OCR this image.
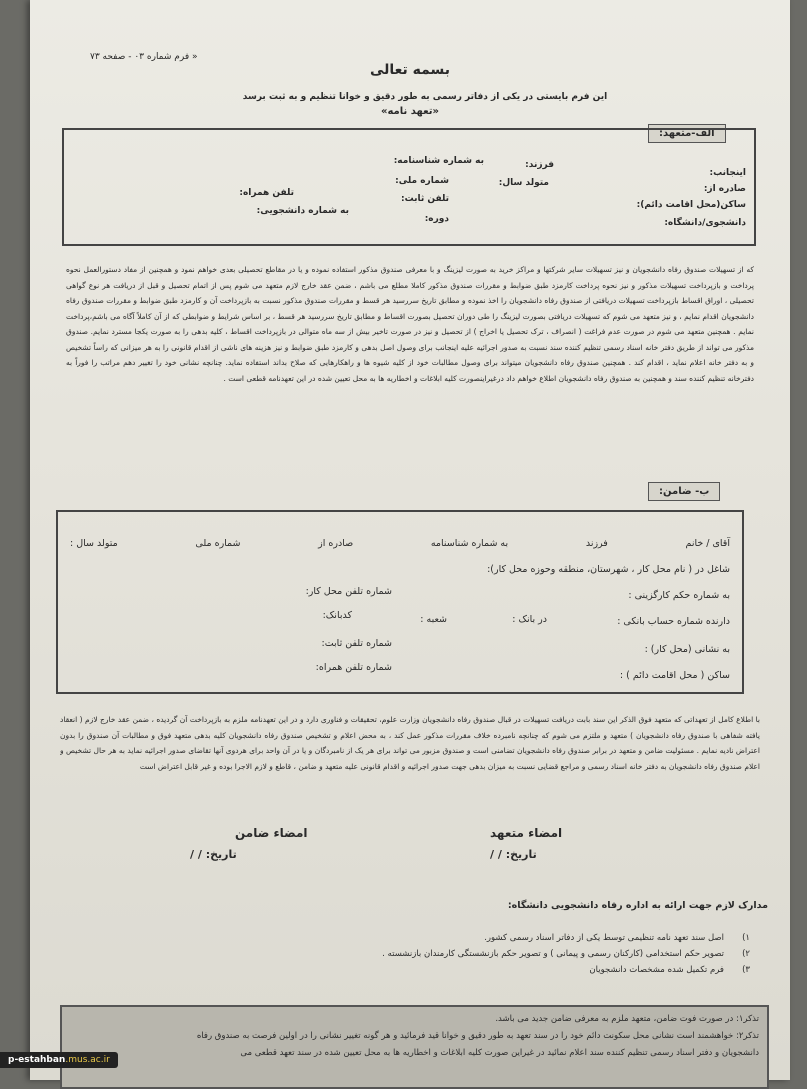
« فرم شماره ۰۳ - صفحه ۷۳
بسمه تعالی
این فرم بایستی در یکی از دفاتر رسمی به طور دقیق و خوانا تنظیم و به ثبت برسد
«تعهد نامه»
الف-متعهد:
اینجانب:
صادره از:
ساکن(محل اقامت دائم):
دانشجوی/دانشگاه:
فرزند:
متولد سال:
به شماره شناسنامه:
شماره ملی:
تلفن ثابت:
دوره:
تلفن همراه:
به شماره دانشجویی:
که از تسهیلات صندوق رفاه دانشجویان و نیز تسهیلات سایر شرکتها و مراکز خرید به صورت لیزینگ و با معرفی صندوق مذکور استفاده نموده و یا در مقاطع تحصیلی بعدی خواهم نمود و همچنین از مفاد دستورالعمل نحوه پرداخت و بازپرداخت تسهیلات مذکور و نیز نحوه پرداخت کارمزد طبق ضوابط و مقررات صندوق مذکور کاملا مطلع می باشم ، ضمن عقد خارج لازم متعهد می شوم پس از اتمام تحصیل و قبل از دریافت هر نوع گواهی تحصیلی ، اوراق اقساط بازپرداخت تسهیلات دریافتی از صندوق رفاه دانشجویان را اخذ نموده و مطابق تاریخ سررسید هر قسط و مقررات صندوق مذکور نسبت به بازپرداخت آن و کارمزد طبق ضوابط و مقررات صندوق رفاه دانشجویان اقدام نمایم ، و نیز متعهد می شوم که تسهیلات دریافتی بصورت لیزینگ را طی دوران تحصیل بصورت اقساط و مطابق تاریخ سررسید هر قسط ، بر اساس شرایط و ضوابطی که از آن کاملاً آگاه می باشم،پرداخت نمایم . همچنین متعهد می شوم در صورت عدم فراغت ( انصراف ، ترک تحصیل یا اخراج ) از تحصیل و نیز در صورت تاخیر بیش از سه ماه متوالی در بازپرداخت اقساط ، کلیه بدهی را به صورت یکجا مسترد نمایم. صندوق مذکور می تواند از طریق دفتر خانه اسناد رسمی تنظیم کننده سند نسبت به صدور اجرائیه علیه اینجانب برای وصول اصل بدهی و کارمزد طبق ضوابط و نیز هزینه های ناشی از اقدام قانونی را به هر میزانی که راساً تشخیص و به دفتر خانه اعلام نماید ، اقدام کند . همچنین صندوق رفاه دانشجویان میتواند برای وصول مطالبات خود از کلیه شیوه ها و راهکارهایی که صلاح بداند استفاده نماید. چنانچه نشانی خود را تغییر دهم مراتب را فوراً به دفترخانه تنظیم کننده سند و همچنین به صندوق رفاه دانشجویان اطلاع خواهم داد درغیراینصورت کلیه ابلاغات و اخطاریه ها به محل تعیین شده در این تعهدنامه قطعی است .
ب- ضامن:
آقای / خانم
فرزند
به شماره شناسنامه
صادره از
شماره ملی
متولد سال :
شاغل در ( نام محل کار ، شهرستان، منطقه وحوزه محل کار):
به شماره حکم کارگزینی :
شماره تلفن محل کار:
دارنده شماره حساب بانکی :
در بانک :
شعبه :
کدبانک:
به نشانی (محل کار) :
شماره تلفن ثابت:
ساکن ( محل اقامت دائم ) :
شماره تلفن همراه:
با اطلاع کامل از تعهداتی که متعهد فوق الذکر این سند بابت دریافت تسهیلات در قبال صندوق رفاه دانشجویان وزارت علوم، تحقیقات و فناوری دارد و در این تعهدنامه ملزم به بازپرداخت آن گردیده ، ضمن عقد خارج لازم ( انعقاد یافته شفاهی با صندوق رفاه دانشجویان ) متعهد و ملتزم می شوم که چنانچه نامبرده خلاف مقررات مذکور عمل کند ، به محض اعلام و تشخیص صندوق رفاه دانشجویان کلیه بدهی متعهد فوق و مطالبات آن صندوق را بدون اعتراض نادیه نمایم . مسئولیت ضامن و متعهد در برابر صندوق رفاه دانشجویان تضامنی است و صندوق مزبور می تواند برای هر یک از نامبردگان و یا در آن واحد برای هردوی آنها تقاضای صدور اجرائیه نماید به هر حال تشخیص و اعلام صندوق رفاه دانشجویان به دفتر خانه اسناد رسمی و مراجع قضایی نسبت به میزان بدهی جهت صدور اجرائیه و اقدام قانونی علیه متعهد و ضامن ، قاطع و لازم الاجرا بوده و غیر قابل اعتراض است
امضاء متعهد
تاریخ: / /
امضاء ضامن
تاریخ: / /
مدارک لازم جهت ارائه به اداره رفاه دانشجویی دانشگاه:
۱)اصل سند تعهد نامه تنظیمی توسط یکی از دفاتر اسناد رسمی کشور.
۲)تصویر حکم استخدامی (کارکنان رسمی و پیمانی ) و تصویر حکم بازنشستگی کارمندان بازنشسته .
۳)فرم تکمیل شده مشخصات دانشجویان
تذکر۱: در صورت فوت ضامن، متعهد ملزم به معرفی ضامن جدید می باشد.
تذکر۲: خواهشمند است نشانی محل سکونت دائم خود را در سند تعهد به طور دقیق و خوانا قید فرمائید و هر گونه تغییر نشانی را در اولین فرصت به صندوق رفاه
دانشجویان و دفتر اسناد رسمی تنظیم کننده سند اعلام نمائید در غیراین صورت کلیه ابلاغات و اخطاریه ها به محل تعیین شده در سند تعهد قطعی می
p-estahban.mus.ac.ir
